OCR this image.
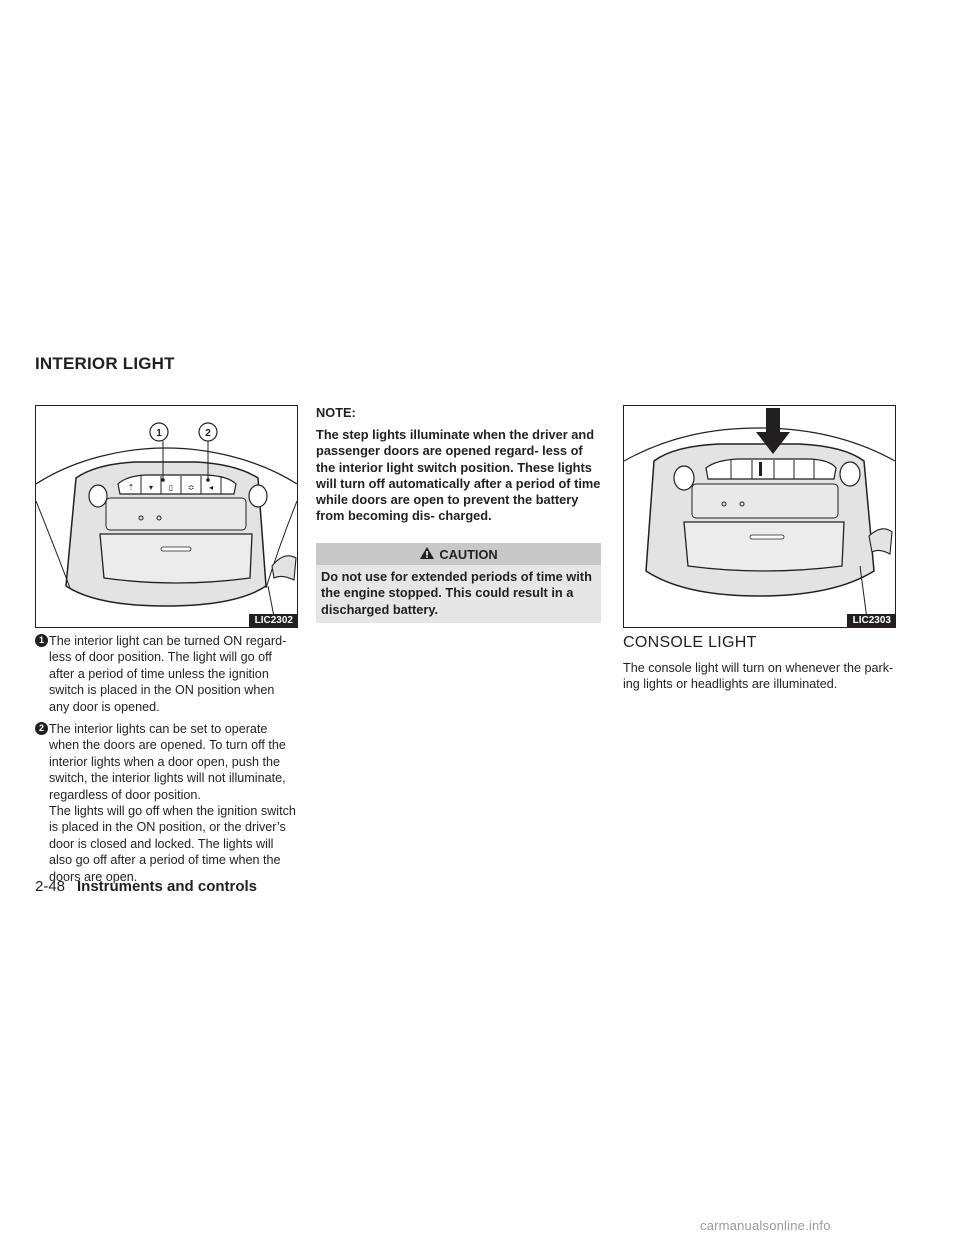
INTERIOR LIGHT
⇡ ▾ ▯ ≎ ◂
1	2
LIC2302
1 The interior light can be turned ON regard- less of door position. The light will go off after a period of time unless the ignition switch is placed in the ON position when any door is opened.
2 The interior lights can be set to operate when the doors are opened. To turn off the interior lights when a door open, push the switch, the interior lights will not illuminate, regardless of door position.
The lights will go off when the ignition switch is placed in the ON position, or the driver’s door is closed and locked. The lights will also go off after a period of time when the doors are open.
NOTE:
The step lights illuminate when the driver and passenger doors are opened regard- less of the interior light switch position. These lights will turn off automatically after a period of time while doors are open to prevent the battery from becoming dis- charged.
CAUTION
Do not use for extended periods of time with the engine stopped. This could result in a discharged battery.
LIC2303
CONSOLE LIGHT
The console light will turn on whenever the park- ing lights or headlights are illuminated.
2-48 Instruments and controls
carmanualsonline.info
